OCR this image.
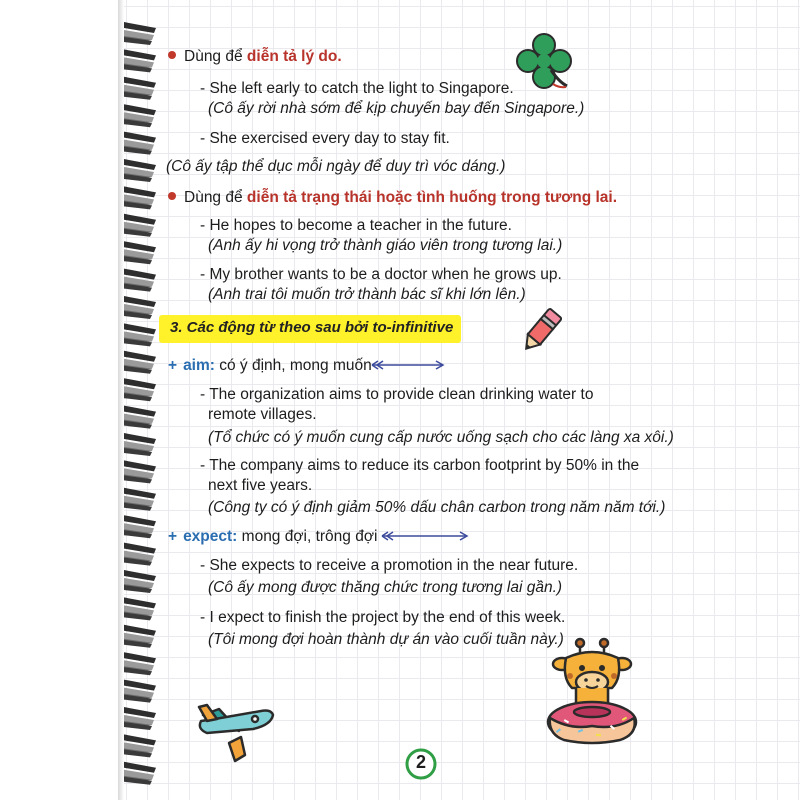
Dùng để diễn tả lý do.
- She left early to catch the light to Singapore.
(Cô ấy rời nhà sớm để kịp chuyến bay đến Singapore.)
- She exercised every day to stay fit.
(Cô ấy tập thể dục mỗi ngày để duy trì vóc dáng.)
Dùng để diễn tả trạng thái hoặc tình huống trong tương lai.
- He hopes to become a teacher in the future.
(Anh ấy hi vọng trở thành giáo viên trong tương lai.)
- My brother wants to be a doctor when he grows up.
(Anh trai tôi muốn trở thành bác sĩ khi lớn lên.)
3. Các động từ theo sau bởi to-infinitive
+ aim: có ý định, mong muốn
- The organization aims to provide clean drinking water to
remote villages.
(Tổ chức có ý muốn cung cấp nước uống sạch cho các làng xa xôi.)
- The company aims to reduce its carbon footprint by 50% in the
next five years.
(Công ty có ý định giảm 50% dấu chân carbon trong năm năm tới.)
+ expect: mong đợi, trông đợi
- She expects to receive a promotion in the near future.
(Cô ấy mong được thăng chức trong tương lai gần.)
- I expect to finish the project by the end of this week.
(Tôi mong đợi hoàn thành dự án vào cuối tuần này.)
2
